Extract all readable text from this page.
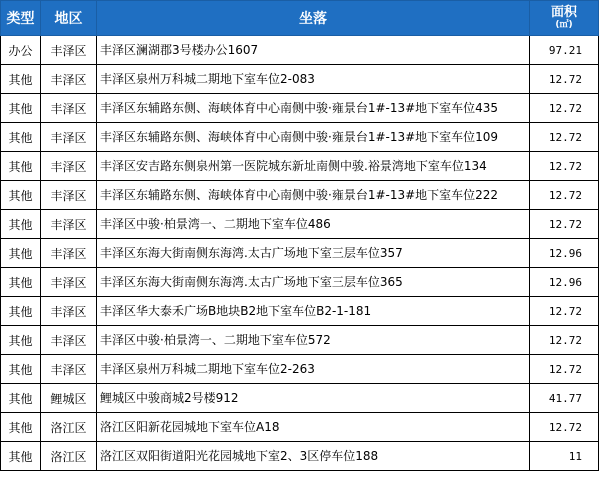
类型	地区	坐落	面积
(㎡)

办公	丰泽区	丰泽区澜湖郡3号楼办公1607	97.21
其他	丰泽区	丰泽区泉州万科城二期地下室车位2-083	12.72
其他	丰泽区	丰泽区东辅路东侧、海峡体育中心南侧中骏·雍景台1#-13#地下室车位435	12.72
其他	丰泽区	丰泽区东辅路东侧、海峡体育中心南侧中骏·雍景台1#-13#地下室车位109	12.72
其他	丰泽区	丰泽区安吉路东侧泉州第一医院城东新址南侧中骏.裕景湾地下室车位134	12.72
其他	丰泽区	丰泽区东辅路东侧、海峡体育中心南侧中骏·雍景台1#-13#地下室车位222	12.72
其他	丰泽区	丰泽区中骏·柏景湾一、二期地下室车位486	12.72
其他	丰泽区	丰泽区东海大街南侧东海湾.太古广场地下室三层车位357	12.96
其他	丰泽区	丰泽区东海大街南侧东海湾.太古广场地下室三层车位365	12.96
其他	丰泽区	丰泽区华大泰禾广场B地块B2地下室车位B2-1-181	12.72
其他	丰泽区	丰泽区中骏·柏景湾一、二期地下室车位572	12.72
其他	丰泽区	丰泽区泉州万科城二期地下室车位2-263	12.72
其他	鲤城区	鲤城区中骏商城2号楼912	41.77
其他	洛江区	洛江区阳新花园城地下室车位A18	12.72
其他	洛江区	洛江区双阳街道阳光花园城地下室2、3区停车位188	11
